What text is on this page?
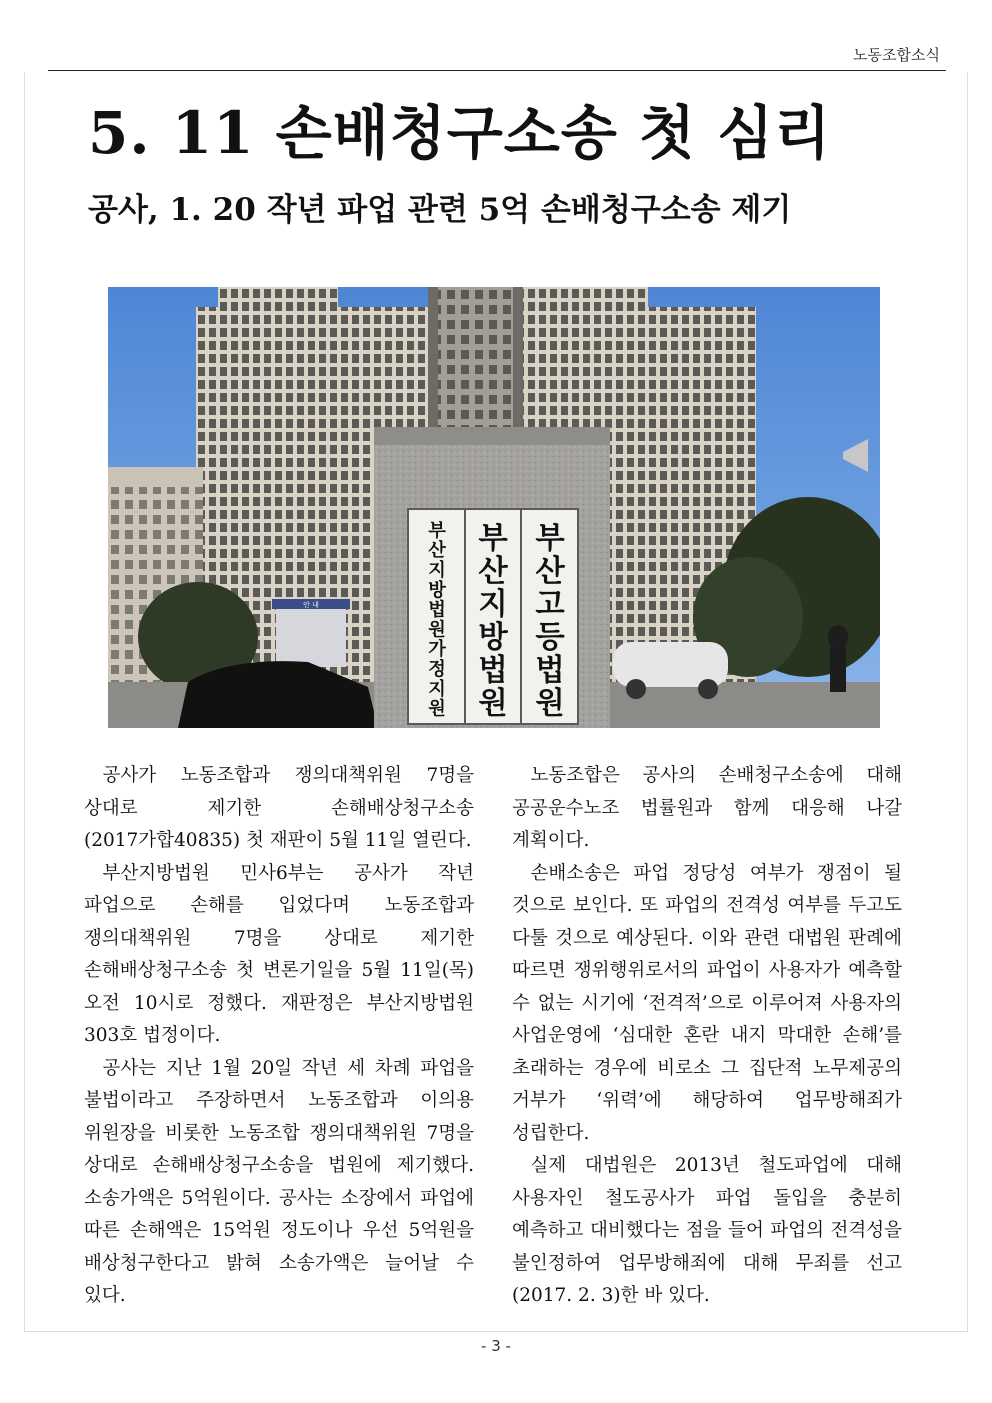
노동조합소식
5. 11 손배청구소송 첫 심리
공사, 1. 20 작년 파업 관련 5억 손배청구소송 제기
안 내
부 산 고 등 법 원
부 산 지 방 법 원
부 산 지 방 법 원 가 정 지 원

공사가 노동조합과 쟁의대책위원 7명을 상대로 제기한 손해배상청구소송(2017가합40835) 첫 재판이 5월 11일 열린다.

부산지방법원 민사6부는 공사가 작년 파업으로 손해를 입었다며 노동조합과 쟁의대책위원 7명을 상대로 제기한 손해배상청구소송 첫 변론기일을 5월 11일(목) 오전 10시로 정했다. 재판정은 부산지방법원 303호 법정이다.

공사는 지난 1월 20일 작년 세 차례 파업을 불법이라고 주장하면서 노동조합과 이의용 위원장을 비롯한 노동조합 쟁의대책위원 7명을 상대로 손해배상청구소송을 법원에 제기했다. 소송가액은 5억원이다. 공사는 소장에서 파업에 따른 손해액은 15억원 정도이나 우선 5억원을 배상청구한다고 밝혀 소송가액은 늘어날 수 있다.

노동조합은 공사의 손배청구소송에 대해 공공운수노조 법률원과 함께 대응해 나갈 계획이다.

손배소송은 파업 정당성 여부가 쟁점이 될 것으로 보인다. 또 파업의 전격성 여부를 두고도 다툴 것으로 예상된다. 이와 관련 대법원 판례에 따르면 쟁위행위로서의 파업이 사용자가 예측할 수 없는 시기에 ‘전격적’으로 이루어져 사용자의 사업운영에 ‘심대한 혼란 내지 막대한 손해’를 초래하는 경우에 비로소 그 집단적 노무제공의 거부가 ‘위력’에 해당하여 업무방해죄가 성립한다.

실제 대법원은 2013년 철도파업에 대해 사용자인 철도공사가 파업 돌입을 충분히 예측하고 대비했다는 점을 들어 파업의 전격성을 불인정하여 업무방해죄에 대해 무죄를 선고(2017. 2. 3)한 바 있다.

- 3 -
